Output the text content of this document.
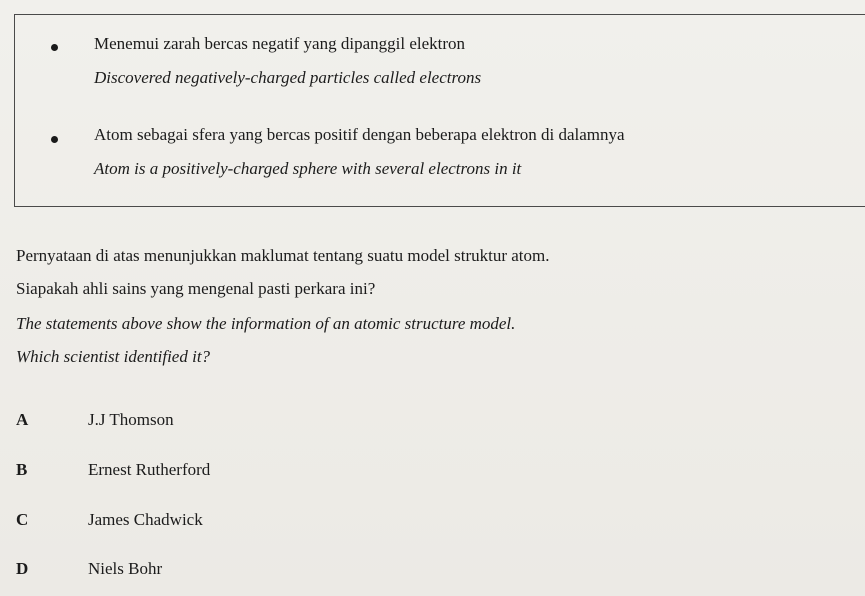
Menemui zarah bercas negatif yang dipanggil elektron
Discovered negatively-charged particles called electrons
Atom sebagai sfera yang bercas positif dengan beberapa elektron di dalamnya
Atom is a positively-charged sphere with several electrons in it
Pernyataan di atas menunjukkan maklumat tentang suatu model struktur atom.
Siapakah ahli sains yang mengenal pasti perkara ini?
The statements above show the information of an atomic structure model.
Which scientist identified it?
A	J.J Thomson
B	Ernest Rutherford
C	James Chadwick
D	Niels Bohr
